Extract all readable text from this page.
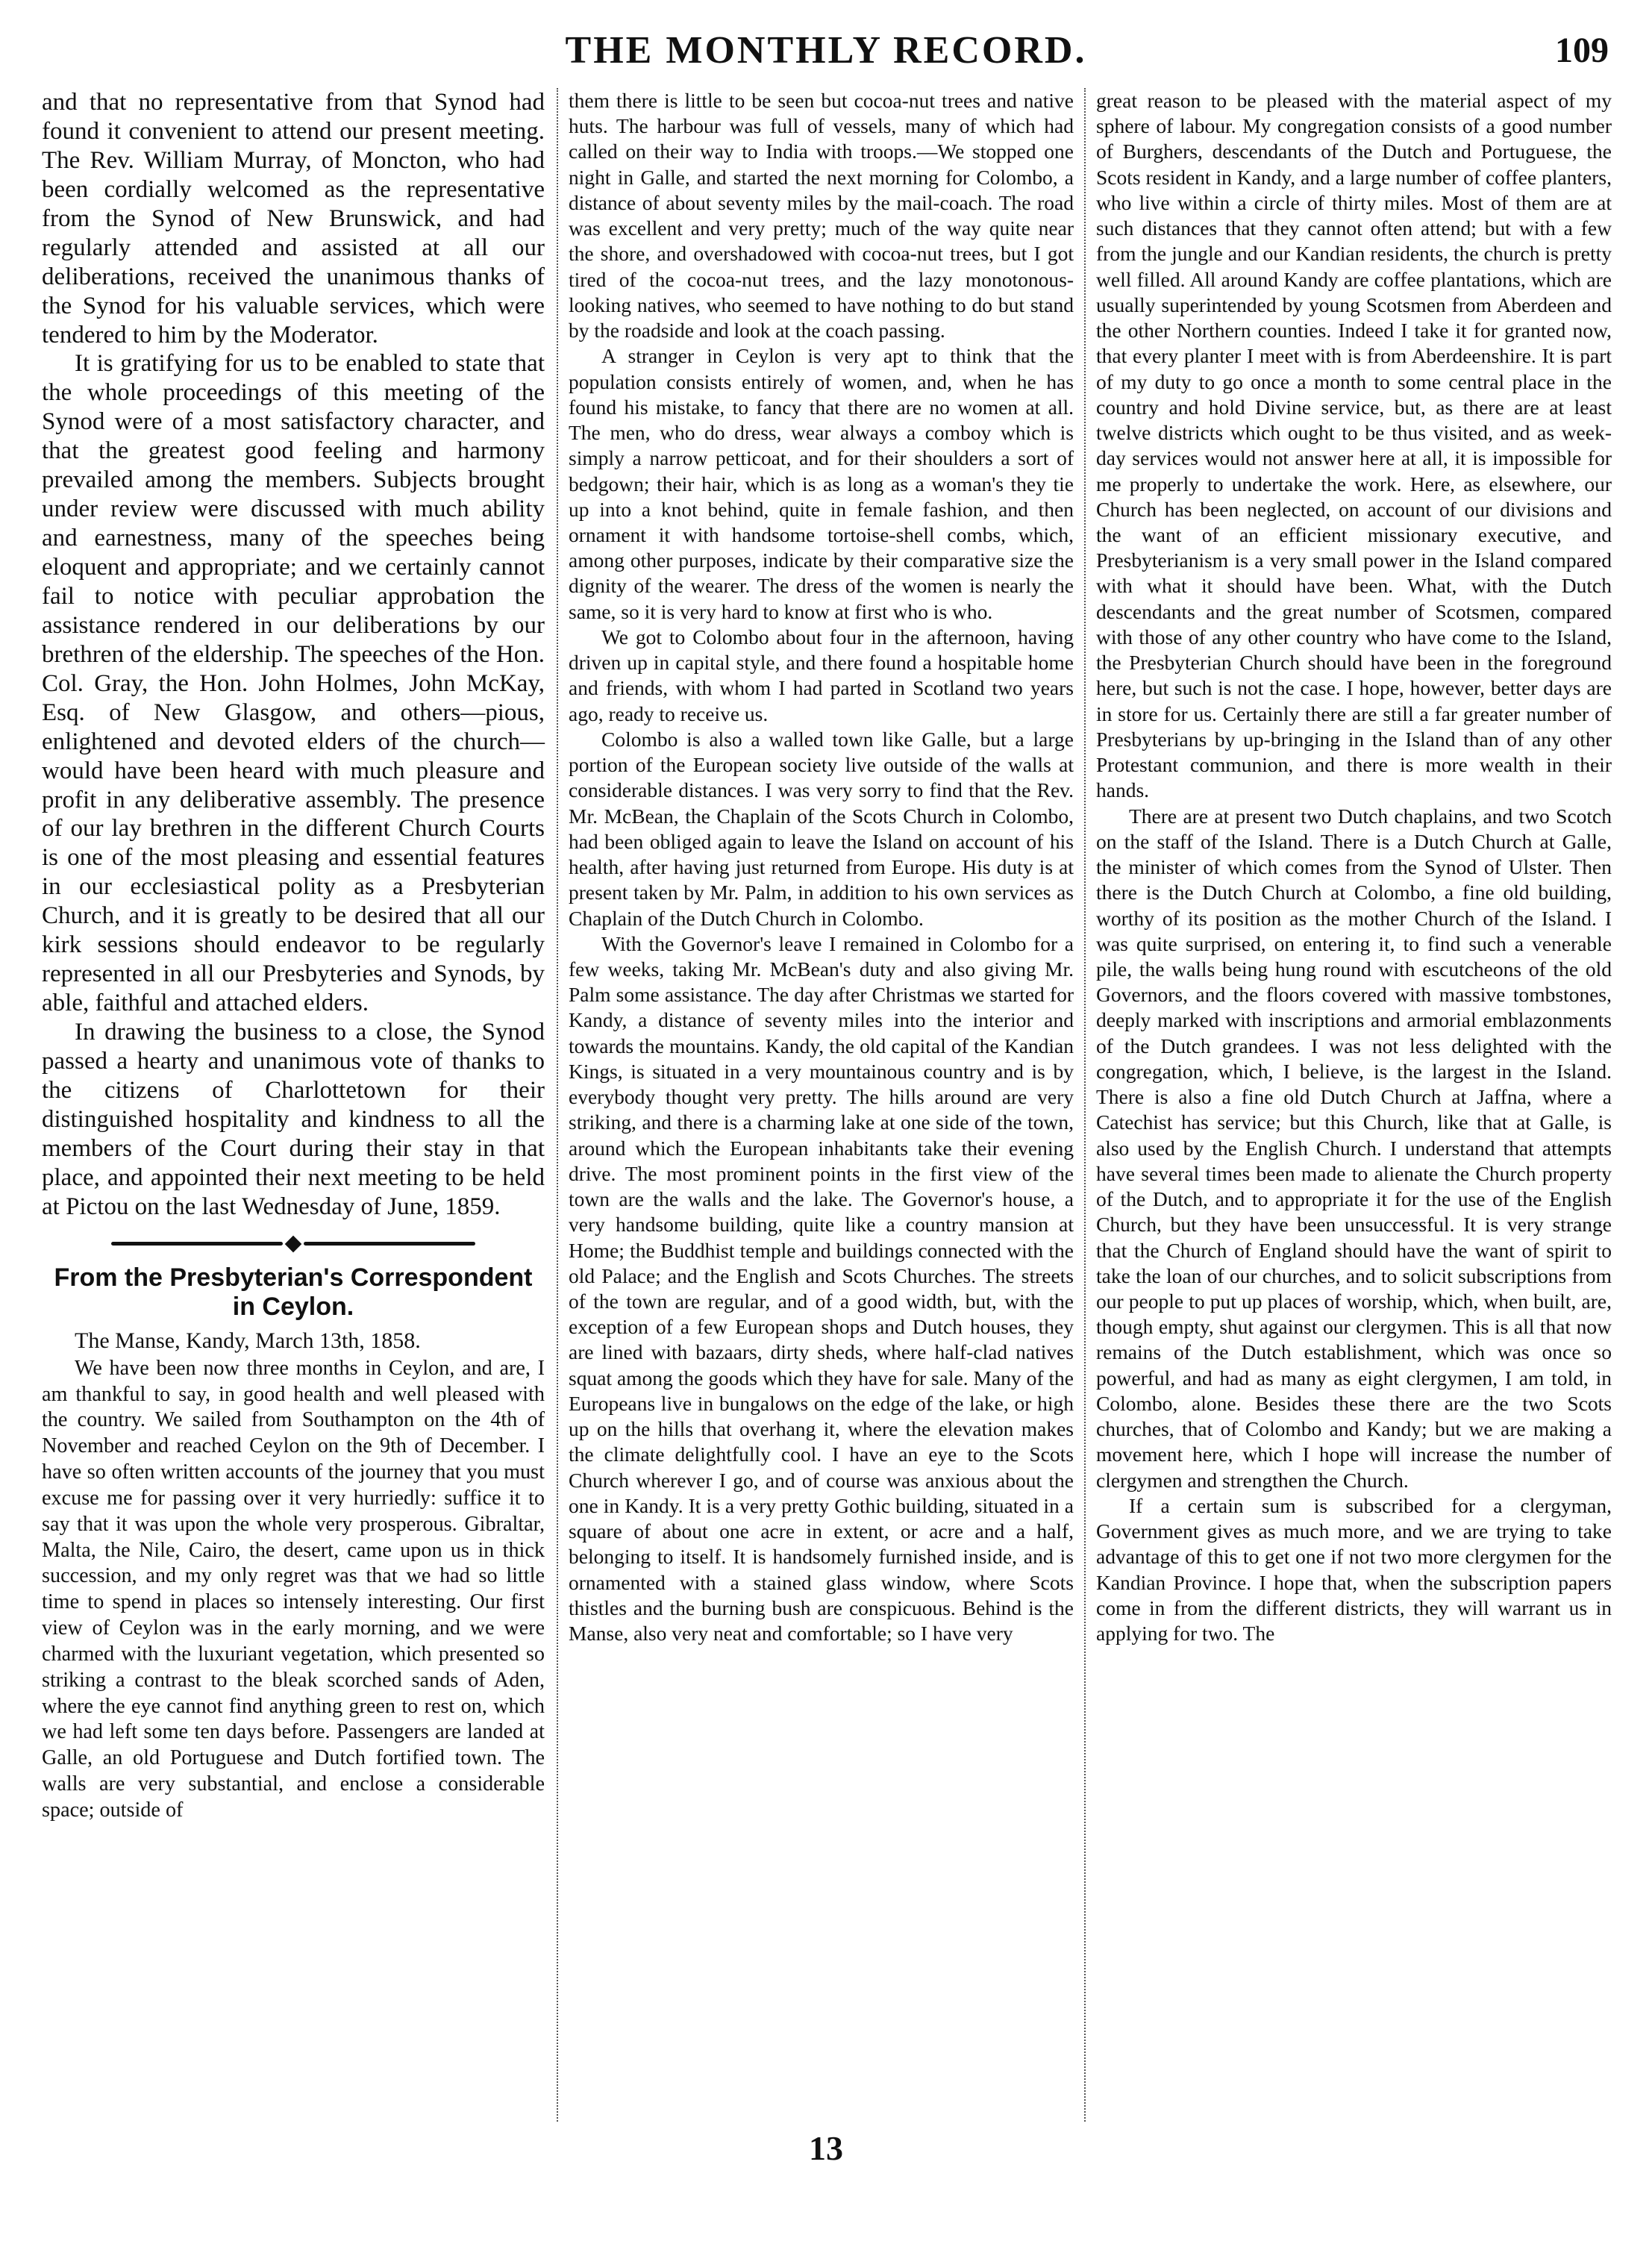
THE MONTHLY RECORD.	109

and that no representative from that Synod had found it convenient to attend our present meeting. The Rev. William Murray, of Moncton, who had been cordially welcomed as the representative from the Synod of New Brunswick, and had regularly attended and assisted at all our deliberations, received the unanimous thanks of the Synod for his valuable services, which were tendered to him by the Moderator.

It is gratifying for us to be enabled to state that the whole proceedings of this meeting of the Synod were of a most satisfactory character, and that the greatest good feeling and harmony prevailed among the members. Subjects brought under review were discussed with much ability and earnestness, many of the speeches being eloquent and appropriate; and we certainly cannot fail to notice with peculiar approbation the assistance rendered in our deliberations by our brethren of the eldership. The speeches of the Hon. Col. Gray, the Hon. John Holmes, John McKay, Esq. of New Glasgow, and others—pious, enlightened and devoted elders of the church—would have been heard with much pleasure and profit in any deliberative assembly. The presence of our lay brethren in the different Church Courts is one of the most pleasing and essential features in our ecclesiastical polity as a Presbyterian Church, and it is greatly to be desired that all our kirk sessions should endeavor to be regularly represented in all our Presbyteries and Synods, by able, faithful and attached elders.

In drawing the business to a close, the Synod passed a hearty and unanimous vote of thanks to the citizens of Charlottetown for their distinguished hospitality and kindness to all the members of the Court during their stay in that place, and appointed their next meeting to be held at Pictou on the last Wednesday of June, 1859.

From the Presbyterian's Correspondent in Ceylon.
The Manse, Kandy, March 13th, 1858.

We have been now three months in Ceylon, and are, I am thankful to say, in good health and well pleased with the country. We sailed from Southampton on the 4th of November and reached Ceylon on the 9th of December. I have so often written accounts of the journey that you must excuse me for passing over it very hurriedly: suffice it to say that it was upon the whole very prosperous. Gibraltar, Malta, the Nile, Cairo, the desert, came upon us in thick succession, and my only regret was that we had so little time to spend in places so intensely interesting. Our first view of Ceylon was in the early morning, and we were charmed with the luxuriant vegetation, which presented so striking a contrast to the bleak scorched sands of Aden, where the eye cannot find anything green to rest on, which we had left some ten days before. Passengers are landed at Galle, an old Portuguese and Dutch fortified town. The walls are very substantial, and enclose a considerable space; outside of

them there is little to be seen but cocoa-nut trees and native huts. The harbour was full of vessels, many of which had called on their way to India with troops.—We stopped one night in Galle, and started the next morning for Colombo, a distance of about seventy miles by the mail-coach. The road was excellent and very pretty; much of the way quite near the shore, and overshadowed with cocoa-nut trees, but I got tired of the cocoa-nut trees, and the lazy monotonous-looking natives, who seemed to have nothing to do but stand by the roadside and look at the coach passing.

A stranger in Ceylon is very apt to think that the population consists entirely of women, and, when he has found his mistake, to fancy that there are no women at all. The men, who do dress, wear always a comboy which is simply a narrow petticoat, and for their shoulders a sort of bedgown; their hair, which is as long as a woman's they tie up into a knot behind, quite in female fashion, and then ornament it with handsome tortoise-shell combs, which, among other purposes, indicate by their comparative size the dignity of the wearer. The dress of the women is nearly the same, so it is very hard to know at first who is who.

We got to Colombo about four in the afternoon, having driven up in capital style, and there found a hospitable home and friends, with whom I had parted in Scotland two years ago, ready to receive us.

Colombo is also a walled town like Galle, but a large portion of the European society live outside of the walls at considerable distances. I was very sorry to find that the Rev. Mr. McBean, the Chaplain of the Scots Church in Colombo, had been obliged again to leave the Island on account of his health, after having just returned from Europe. His duty is at present taken by Mr. Palm, in addition to his own services as Chaplain of the Dutch Church in Colombo.

With the Governor's leave I remained in Colombo for a few weeks, taking Mr. McBean's duty and also giving Mr. Palm some assistance. The day after Christmas we started for Kandy, a distance of seventy miles into the interior and towards the mountains. Kandy, the old capital of the Kandian Kings, is situated in a very mountainous country and is by everybody thought very pretty. The hills around are very striking, and there is a charming lake at one side of the town, around which the European inhabitants take their evening drive. The most prominent points in the first view of the town are the walls and the lake. The Governor's house, a very handsome building, quite like a country mansion at Home; the Buddhist temple and buildings connected with the old Palace; and the English and Scots Churches. The streets of the town are regular, and of a good width, but, with the exception of a few European shops and Dutch houses, they are lined with bazaars, dirty sheds, where half-clad natives squat among the goods which they have for sale. Many of the Europeans live in bungalows on the edge of the lake, or high up on the hills that overhang it, where the elevation makes the climate delightfully cool. I have an eye to the Scots Church wherever I go, and of course was anxious about the one in Kandy. It is a very pretty Gothic building, situated in a square of about one acre in extent, or acre and a half, belonging to itself. It is handsomely furnished inside, and is ornamented with a stained glass window, where Scots thistles and the burning bush are conspicuous. Behind is the Manse, also very neat and comfortable; so I have very

great reason to be pleased with the material aspect of my sphere of labour. My congregation consists of a good number of Burghers, descendants of the Dutch and Portuguese, the Scots resident in Kandy, and a large number of coffee planters, who live within a circle of thirty miles. Most of them are at such distances that they cannot often attend; but with a few from the jungle and our Kandian residents, the church is pretty well filled. All around Kandy are coffee plantations, which are usually superintended by young Scotsmen from Aberdeen and the other Northern counties. Indeed I take it for granted now, that every planter I meet with is from Aberdeenshire. It is part of my duty to go once a month to some central place in the country and hold Divine service, but, as there are at least twelve districts which ought to be thus visited, and as week-day services would not answer here at all, it is impossible for me properly to undertake the work. Here, as elsewhere, our Church has been neglected, on account of our divisions and the want of an efficient missionary executive, and Presbyterianism is a very small power in the Island compared with what it should have been. What, with the Dutch descendants and the great number of Scotsmen, compared with those of any other country who have come to the Island, the Presbyterian Church should have been in the foreground here, but such is not the case. I hope, however, better days are in store for us. Certainly there are still a far greater number of Presbyterians by up-bringing in the Island than of any other Protestant communion, and there is more wealth in their hands.

There are at present two Dutch chaplains, and two Scotch on the staff of the Island. There is a Dutch Church at Galle, the minister of which comes from the Synod of Ulster. Then there is the Dutch Church at Colombo, a fine old building, worthy of its position as the mother Church of the Island. I was quite surprised, on entering it, to find such a venerable pile, the walls being hung round with escutcheons of the old Governors, and the floors covered with massive tombstones, deeply marked with inscriptions and armorial emblazonments of the Dutch grandees. I was not less delighted with the congregation, which, I believe, is the largest in the Island. There is also a fine old Dutch Church at Jaffna, where a Catechist has service; but this Church, like that at Galle, is also used by the English Church. I understand that attempts have several times been made to alienate the Church property of the Dutch, and to appropriate it for the use of the English Church, but they have been unsuccessful. It is very strange that the Church of England should have the want of spirit to take the loan of our churches, and to solicit subscriptions from our people to put up places of worship, which, when built, are, though empty, shut against our clergymen. This is all that now remains of the Dutch establishment, which was once so powerful, and had as many as eight clergymen, I am told, in Colombo, alone. Besides these there are the two Scots churches, that of Colombo and Kandy; but we are making a movement here, which I hope will increase the number of clergymen and strengthen the Church.

If a certain sum is subscribed for a clergyman, Government gives as much more, and we are trying to take advantage of this to get one if not two more clergymen for the Kandian Province. I hope that, when the subscription papers come in from the different districts, they will warrant us in applying for two. The

13
